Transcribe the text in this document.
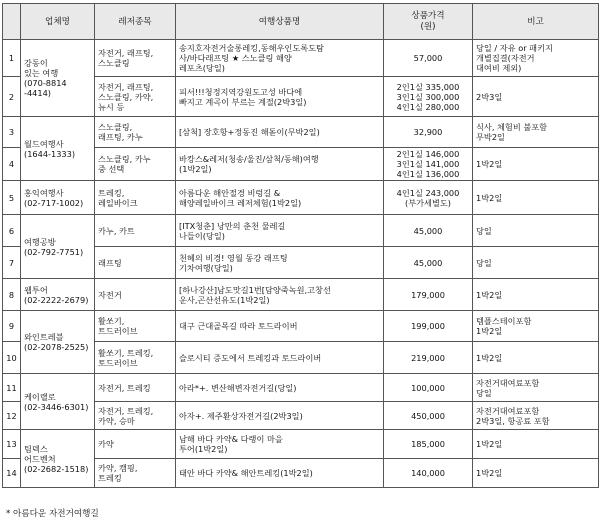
	업체명	레저종목	여행상품명	상품가격
(원)	비고
1	강동이
있는 여행
(070-8814
-4414)	자전거, 래프팅,
스노클링	송지호자전거술롱레킹,동해우인도록도탐
사/바다래프팅 ★ 스노클링 해양
레포츠(당일)	57,000	당일 / 자유 or 패키지
개별집결(자전거
대여비 제외)

2		자전거, 래프팅,
스노클링, 카약,
뉴시 등	피서!!!청정지역강원도고성 바다에
빠지고 계곡이 부르는 계절(2박3일)	2인1실 335,000
3인1실 300,000
4인1실 280,000	2박3일

3	월드여행사
(1644-1333)	스노클링,
래프팅, 카누	[삼척] 장호항+정동진 해돋이(무박2일)	32,900	식사, 체험비 불포함
무박2일

4		스노클링, 카누
중 선택	바캉스&레저(청송/울진/삼척/동해)여행
(1박2일)	2인1실 146,000
3인1실 141,000
4인1실 136,000	1박2일

5	홍익여행사
(02-717-1002)	트레킹,
레일바이크	아름다운 해안절경 비렁길 &
해양레일바이크 레저체험(1박2일)	4인1실 243,000
(부가세별도)	1박2일

6	여행공방
(02-792-7751)	카누, 카트	[ITX청춘] 낭만의 춘천 물레길
나들이(당일)	45,000	당일

7		래프팅	천혜의 비경! 영월 동강 래프팅
기차여행(당일)	45,000	당일

8	웹투어
(02-2222-2679)	자전거	[하나강산]남도맛길1번[담양죽녹원,고창선
운사,곤산선유도(1박2일)	179,000	1박2일

9	와인트레블
(02-2078-2525)	활쏘기,
트드러이브	대구 근대골목길 따라 토드라이버	199,000	템플스테이포함
1박2일

10		활쏘기, 트레킹,
토드러이브	슬로시티 증도에서 트레킹과 토드라이버	219,000	1박2일

11	케이랠로
(02-3446-6301)	자전거, 트레킹	아라*+. 변산해변자전거길(당일)	100,000	자전거대여료포함
당일

12		자전거, 트레킹,
카약, 승마	아자+. 제주환상자전거길(2박3일)	450,000	자전거대여료포함
2박3일, 항공료 포함

13	팀덱스
어드벤처
(02-2682-1518)	카약	남해 바다 카약& 다랭이 마을
투어(1박2일)	185,000	1박2일

14		카약, 캠핑,
트레킹	태안 바다 카약& 해안트레킹(1박2일)	140,000	1박2일
* 아름다운 자전거여행길
